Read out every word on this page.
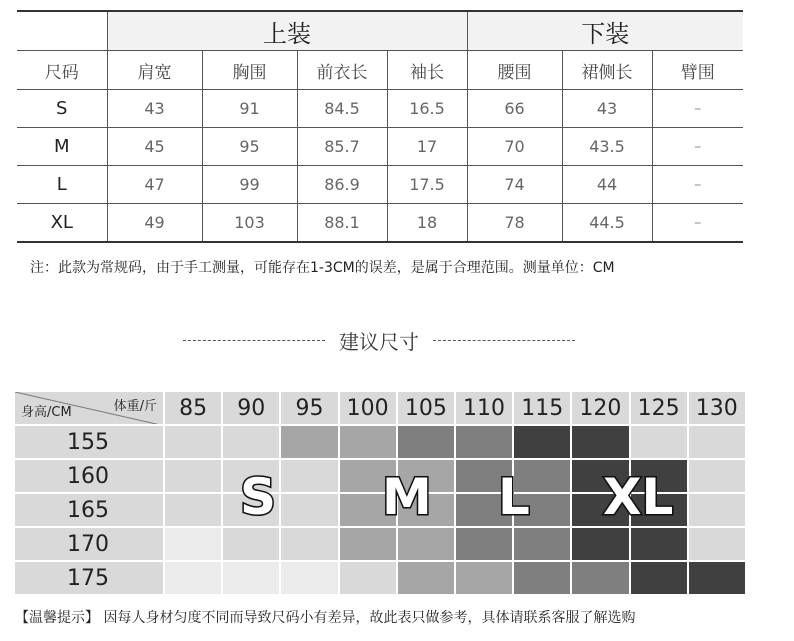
	上装				下装		
尺码	肩宽	胸围	前衣长	袖长	腰围	裙侧长	臂围
S	43	91	84.5	16.5	66	43	–
M	45	95	85.7	17	70	43.5	–
L	47	99	86.9	17.5	74	44	–
XL	49	103	88.1	18	78	44.5	–
注：此款为常规码，由于手工测量，可能存在1-3CM的误差，是属于合理范围。测量单位：CM
建议尺寸
体重/斤
身高/CM	85	90	95	100 105 110 115 120 125 130
155
160
165
170
175
S M L XL
【温馨提示】 因每人身材匀度不同而导致尺码小有差异，故此表只做参考，具体请联系客服了解选购
